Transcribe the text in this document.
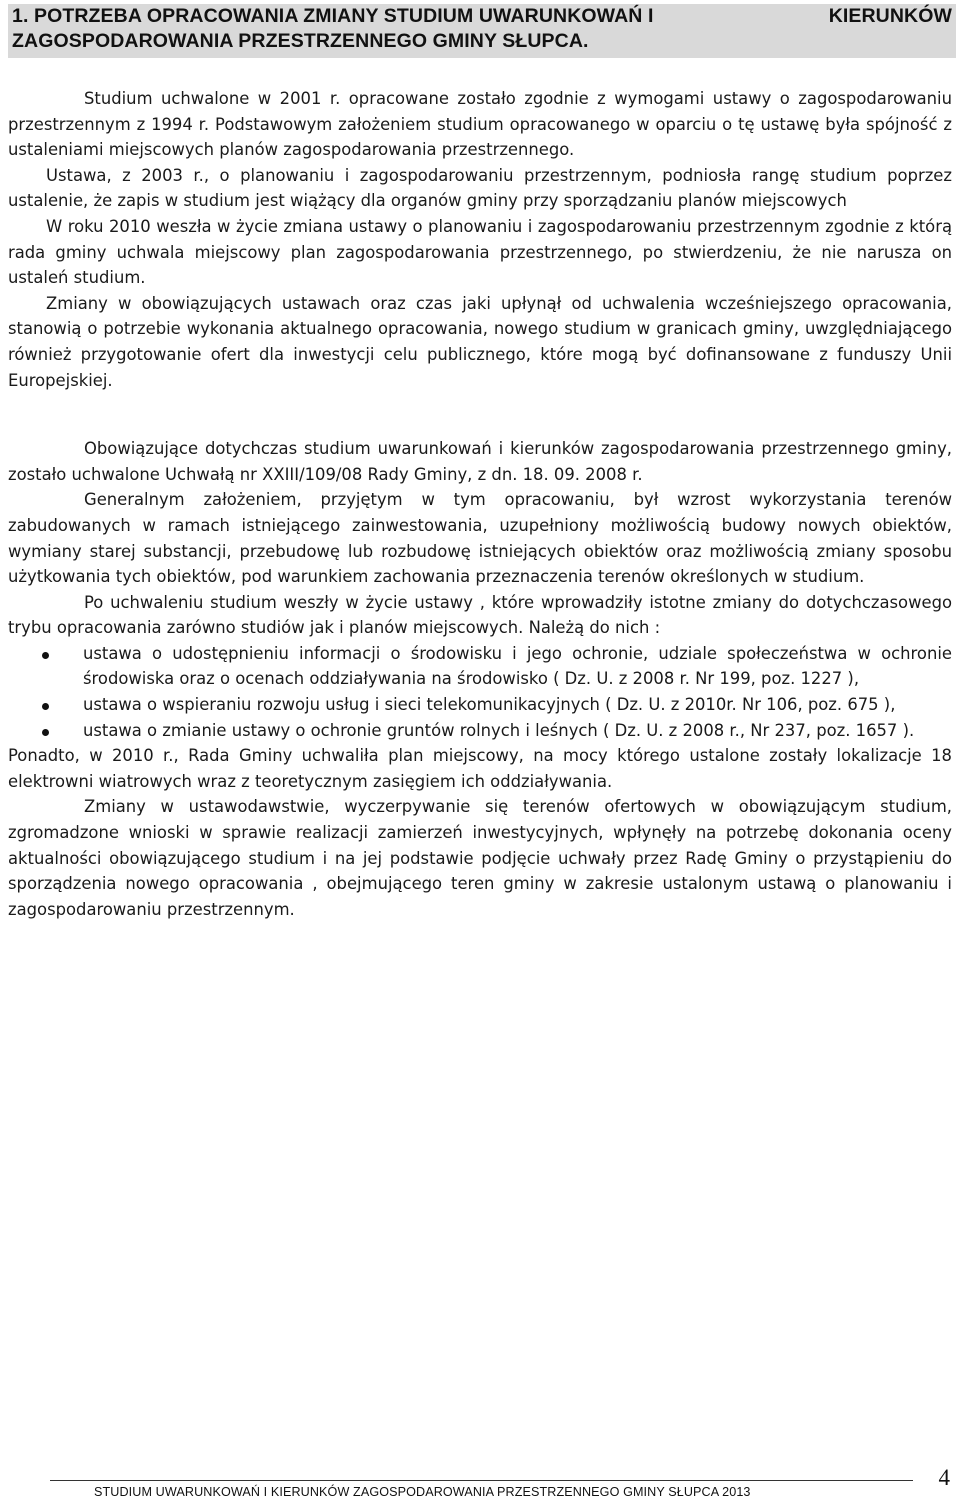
1. POTRZEBA OPRACOWANIA ZMIANY STUDIUM UWARUNKOWAŃ I	KIERUNKÓW
ZAGOSPODAROWANIA PRZESTRZENNEGO GMINY SŁUPCA.

Studium uchwalone w 2001 r. opracowane zostało zgodnie z wymogami ustawy o zagospodarowaniu przestrzennym z 1994 r. Podstawowym założeniem studium opracowanego w oparciu o tę ustawę była spójność z ustaleniami miejscowych planów zagospodarowania przestrzennego.

Ustawa, z 2003 r., o planowaniu i zagospodarowaniu przestrzennym, podniosła rangę studium poprzez ustalenie, że zapis w studium jest wiążący dla organów gminy przy sporządzaniu planów miejscowych

W roku 2010 weszła w życie zmiana ustawy o planowaniu i zagospodarowaniu przestrzennym zgodnie z którą rada gminy uchwala miejscowy plan zagospodarowania przestrzennego, po stwierdzeniu, że nie narusza on ustaleń studium.

Zmiany w obowiązujących ustawach oraz czas jaki upłynął od uchwalenia wcześniejszego opracowania, stanowią o potrzebie wykonania aktualnego opracowania, nowego studium w granicach gminy, uwzględniającego również przygotowanie ofert dla inwestycji celu publicznego, które mogą być dofinansowane z funduszy Unii Europejskiej.

Obowiązujące dotychczas studium uwarunkowań i kierunków zagospodarowania przestrzennego gminy, zostało uchwalone Uchwałą nr XXIII/109/08 Rady Gminy, z dn. 18. 09. 2008 r.

Generalnym założeniem, przyjętym w tym opracowaniu, był wzrost wykorzystania terenów zabudowanych w ramach istniejącego zainwestowania, uzupełniony możliwością budowy nowych obiektów, wymiany starej substancji, przebudowę lub rozbudowę istniejących obiektów oraz możliwością zmiany sposobu użytkowania tych obiektów, pod warunkiem zachowania przeznaczenia terenów określonych w studium.

Po uchwaleniu studium weszły w życie ustawy , które wprowadziły istotne zmiany do dotychczasowego trybu opracowania zarówno studiów jak i planów miejscowych. Należą do nich :

ustawa o udostępnieniu informacji o środowisku i jego ochronie, udziale społeczeństwa w ochronie środowiska oraz o ocenach oddziaływania na środowisko ( Dz. U. z 2008 r. Nr 199, poz. 1227 ),
ustawa o wspieraniu rozwoju usług i sieci telekomunikacyjnych ( Dz. U. z 2010r. Nr 106, poz. 675 ),
ustawa o zmianie ustawy o ochronie gruntów rolnych i leśnych ( Dz. U. z 2008 r., Nr 237, poz. 1657 ).

Ponadto, w 2010 r., Rada Gminy uchwaliła plan miejscowy, na mocy którego ustalone zostały lokalizacje 18 elektrowni wiatrowych wraz z teoretycznym zasięgiem ich oddziaływania.

Zmiany w ustawodawstwie, wyczerpywanie się terenów ofertowych w obowiązującym studium, zgromadzone wnioski w sprawie realizacji zamierzeń inwestycyjnych, wpłynęły na potrzebę dokonania oceny aktualności obowiązującego studium i na jej podstawie podjęcie uchwały przez Radę Gminy o przystąpieniu do sporządzenia nowego opracowania , obejmującego teren gminy w zakresie ustalonym ustawą o planowaniu i zagospodarowaniu przestrzennym.

STUDIUM UWARUNKOWAŃ I KIERUNKÓW ZAGOSPODAROWANIA PRZESTRZENNEGO GMINY SŁUPCA 2013
4
